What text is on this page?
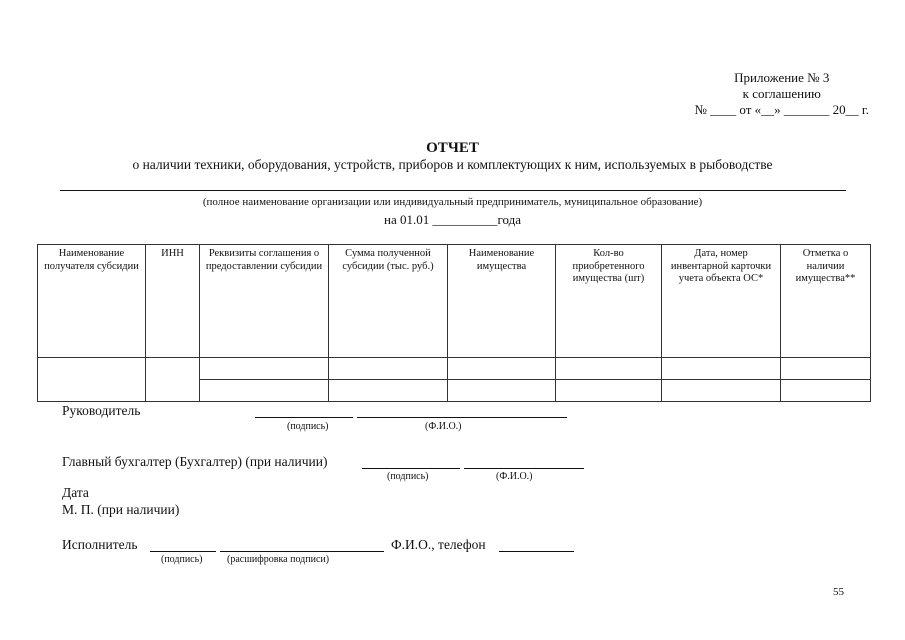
Приложение № 3
к соглашению
№ ____ от «__» _______ 20__ г.
ОТЧЕТ
о наличии техники, оборудования, устройств, приборов и комплектующих к ним, используемых в рыбоводстве
(полное наименование организации или индивидуальный предприниматель, муниципальное образование)
на 01.01 __________года
Наименование получателя субсидии	ИНН	Реквизиты соглашения о предоставлении субсидии	Сумма полученной субсидии (тыс. руб.)	Наименование имущества	Кол-во приобретенного имущества (шт)	Дата, номер инвентарной карточки учета объекта ОС*	Отметка о наличии имущества**

Руководитель
(подпись)	(Ф.И.О.)
Главный бухгалтер (Бухгалтер) (при наличии)
(подпись)	(Ф.И.О.)
Дата
М. П. (при наличии)
Исполнитель	Ф.И.О., телефон
(подпись) (расшифровка подписи)
55
